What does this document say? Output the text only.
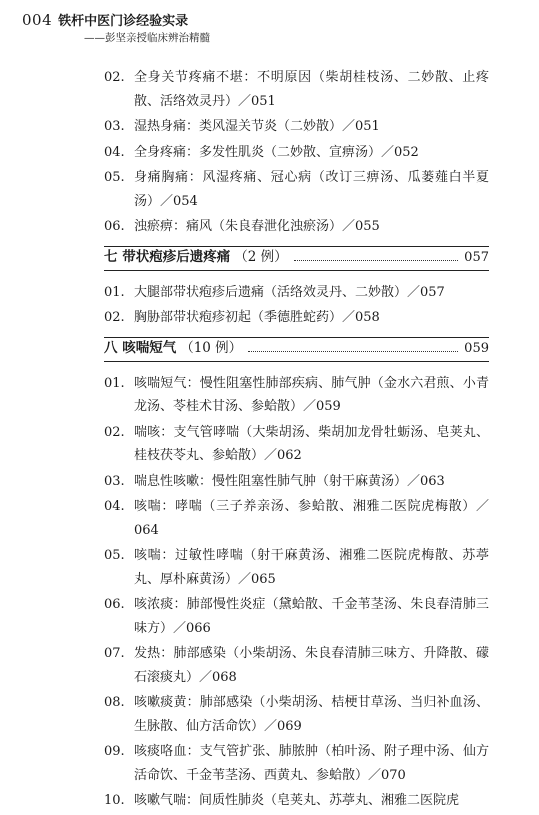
004 铁杆中医门诊经验实录
——彭坚亲授临床辨治精髓
02. 全身关节疼痛不堪：不明原因（柴胡桂枝汤、二妙散、止疼散、活络效灵丹）／051
03. 湿热身痛：类风湿关节炎（二妙散）／051
04. 全身疼痛：多发性肌炎（二妙散、宣痹汤）／052
05. 身痛胸痛：风湿疼痛、冠心病（改订三痹汤、瓜蒌薤白半夏汤）／054
06. 浊瘀痹：痛风（朱良春泄化浊瘀汤）／055
七 带状疱疹后遗疼痛 （2 例）	057
01. 大腿部带状疱疹后遗痛（活络效灵丹、二妙散）／057
02. 胸胁部带状疱疹初起（季德胜蛇药）／058
八 咳喘短气 （10 例）	059
01. 咳喘短气：慢性阻塞性肺部疾病、肺气肿（金水六君煎、小青龙汤、苓桂术甘汤、参蛤散）／059
02. 喘咳：支气管哮喘（大柴胡汤、柴胡加龙骨牡蛎汤、皂荚丸、桂枝茯苓丸、参蛤散）／062
03. 喘息性咳嗽：慢性阻塞性肺气肿（射干麻黄汤）／063
04. 咳喘：哮喘（三子养亲汤、参蛤散、湘雅二医院虎梅散）／064
05. 咳喘：过敏性哮喘（射干麻黄汤、湘雅二医院虎梅散、苏葶丸、厚朴麻黄汤）／065
06. 咳浓痰：肺部慢性炎症（黛蛤散、千金苇茎汤、朱良春清肺三味方）／066
07. 发热：肺部感染（小柴胡汤、朱良春清肺三味方、升降散、礞石滚痰丸）／068
08. 咳嗽痰黄：肺部感染（小柴胡汤、桔梗甘草汤、当归补血汤、生脉散、仙方活命饮）／069
09. 咳痰咯血：支气管扩张、肺脓肿（柏叶汤、附子理中汤、仙方活命饮、千金苇茎汤、西黄丸、参蛤散）／070
10. 咳嗽气喘：间质性肺炎（皂荚丸、苏葶丸、湘雅二医院虎
